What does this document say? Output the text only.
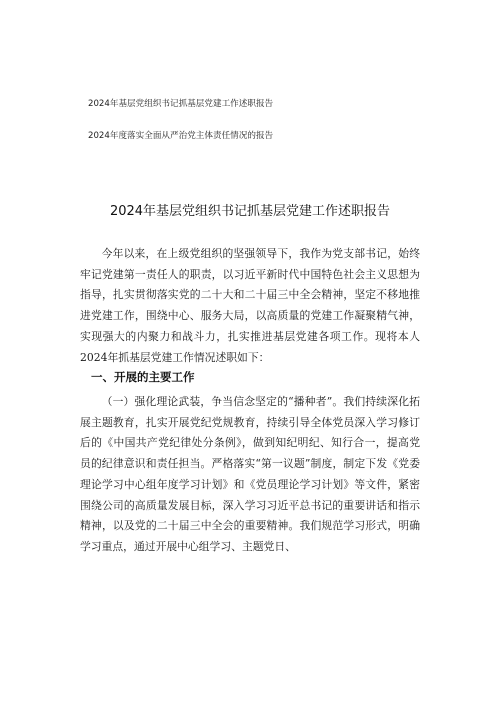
2024年基层党组织书记抓基层党建工作述职报告
2024年度落实全面从严治党主体责任情况的报告
2024年基层党组织书记抓基层党建工作述职报告

今年以来，在上级党组织的坚强领导下，我作为党支部书记，始终牢记党建第一责任人的职责，以习近平新时代中国特色社会主义思想为指导，扎实贯彻落实党的二十大和二十届三中全会精神，坚定不移地推进党建工作，围绕中心、服务大局，以高质量的党建工作凝聚精气神，实现强大的内聚力和战斗力，扎实推进基层党建各项工作。现将本人2024年抓基层党建工作情况述职如下：

一、开展的主要工作

（一）强化理论武装，争当信念坚定的“播种者”。我们持续深化拓展主题教育，扎实开展党纪党规教育，持续引导全体党员深入学习修订后的《中国共产党纪律处分条例》，做到知纪明纪、知行合一，提高党员的纪律意识和责任担当。严格落实“第一议题”制度，制定下发《党委理论学习中心组年度学习计划》和《党员理论学习计划》等文件，紧密围绕公司的高质量发展目标，深入学习习近平总书记的重要讲话和指示精神，以及党的二十届三中全会的重要精神。我们规范学习形式，明确学习重点，通过开展中心组学习、主题党日、
